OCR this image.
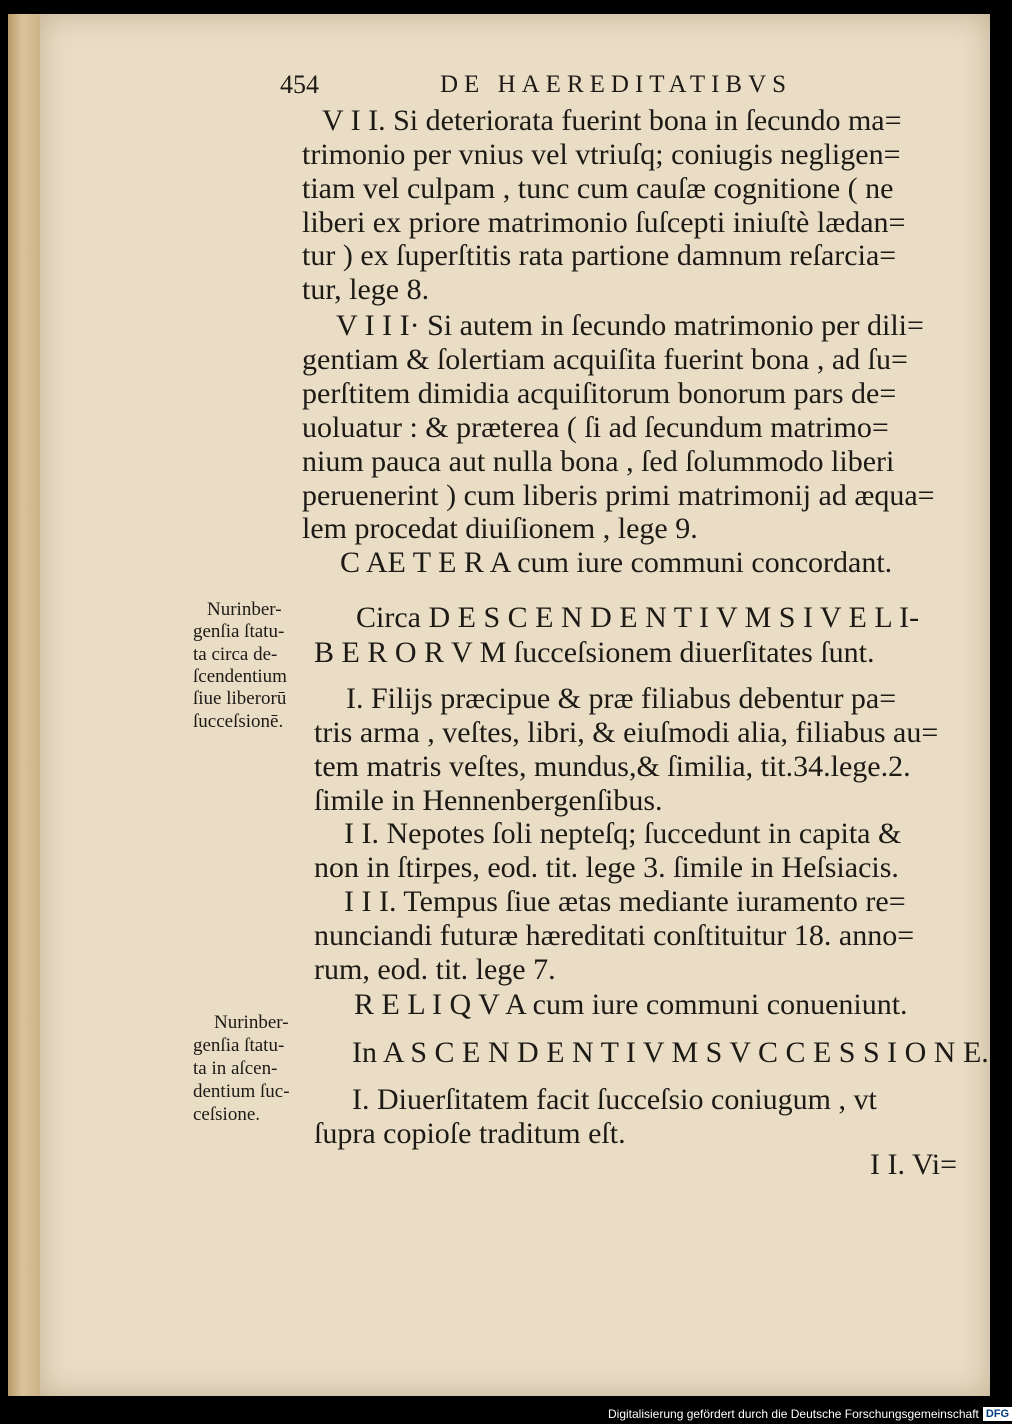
454	DE HAEREDITATIBVS
V I I. Si deteriorata fuerint bona in ſecundo ma=
trimonio per vnius vel vtriuſq; coniugis negligen=
tiam vel culpam , tunc cum cauſæ cognitione ( ne
liberi ex priore matrimonio ſuſcepti iniuſtè lædan=
tur ) ex ſuperſtitis rata partione damnum reſarcia=
tur, lege 8.
V I I I· Si autem in ſecundo matrimonio per dili=
gentiam & ſolertiam acquiſita fuerint bona , ad ſu=
perſtitem dimidia acquiſitorum bonorum pars de=
uoluatur : & præterea ( ſi ad ſecundum matrimo=
nium pauca aut nulla bona , ſed ſolummodo liberi
peruenerint ) cum liberis primi matrimonij ad æqua=
lem procedat diuiſionem , lege 9.
C AE T E R A cum iure communi concordant.
Circa D E S C E N D E N T I V M S I V E L I-
B E R O R V M ſucceſsionem diuerſitates ſunt.
I. Filijs præcipue & præ filiabus debentur pa=
tris arma , veſtes, libri, & eiuſmodi alia, filiabus au=
tem matris veſtes, mundus,& ſimilia, tit.34.lege.2.
ſimile in Hennenbergenſibus.
I I. Nepotes ſoli nepteſq; ſuccedunt in capita &
non in ſtirpes, eod. tit. lege 3. ſimile in Heſsiacis.
I I I. Tempus ſiue ætas mediante iuramento re=
nunciandi futuræ hæreditati conſtituitur 18. anno=
rum, eod. tit. lege 7.
R E L I Q V A cum iure communi conueniunt.
In A S C E N D E N T I V M S V C C E S S I O N E.
I. Diuerſitatem facit ſucceſsio coniugum , vt
ſupra copioſe traditum eſt.
I I. Vi=
Nurinber-
genſia ſtatu-
ta circa de-
ſcendentium
ſiue liberorū
ſucceſsionē.
Nurinber-
genſia ſtatu-
ta in aſcen-
dentium ſuc-
ceſsione.
Digitalisierung gefördert durch die Deutsche Forschungsgemeinschaft DFG
